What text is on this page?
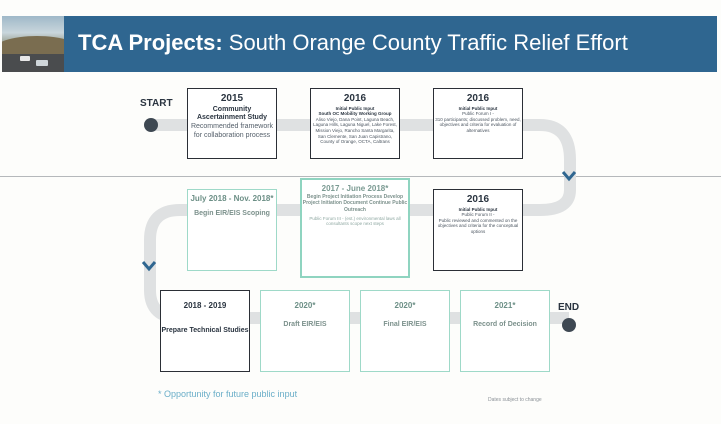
TCA Projects: South Orange County Traffic Relief Effort
START
END
2015
Community Ascertainment Study
Recommended framework for collaboration process
2016
Initial Public Input
South OC Mobility Working Group
Aliso Viejo, Dana Point, Laguna Beach, Laguna Hills, Laguna Niguel, Lake Forest, Mission Viejo, Rancho Santa Margarita, San Clemente, San Juan Capistrano, County of Orange, OCTA, Caltrans
2016
Initial Public Input
Public Forum I -
310 participants; discussed problem, need, objectives and criteria for evaluation of alternatives
July 2018 - Nov. 2018*
Begin EIR/EIS Scoping
2017 - June 2018*
Begin Project Initiation Process Develop Project Initiation Document Continue Public Outreach
Public Forum III - (est.) environmental laws all consultants scope next steps
2016
Initial Public Input
Public Forum II -
Public reviewed and commented on the objectives and criteria for the conceptual options
2018 - 2019
Prepare Technical Studies
2020*
Draft EIR/EIS
2020*
Final EIR/EIS
2021*
Record of Decision
* Opportunity for future public input
Dates subject to change
